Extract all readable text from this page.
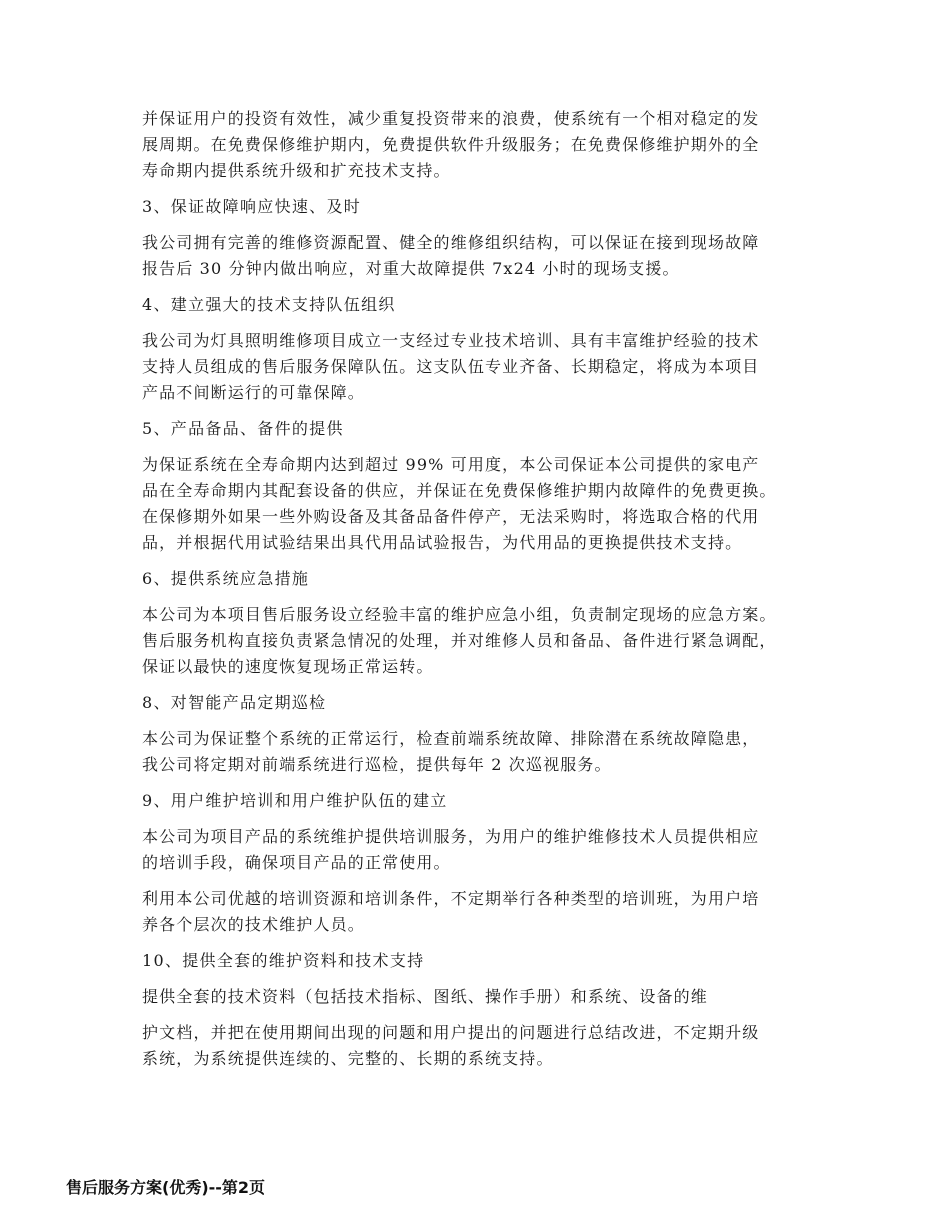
并保证用户的投资有效性，减少重复投资带来的浪费，使系统有一个相对稳定的发
展周期。在免费保修维护期内，免费提供软件升级服务；在免费保修维护期外的全
寿命期内提供系统升级和扩充技术支持。
3、保证故障响应快速、及时
我公司拥有完善的维修资源配置、健全的维修组织结构，可以保证在接到现场故障
报告后 30 分钟内做出响应，对重大故障提供 7x24 小时的现场支援。
4、建立强大的技术支持队伍组织
我公司为灯具照明维修项目成立一支经过专业技术培训、具有丰富维护经验的技术
支持人员组成的售后服务保障队伍。这支队伍专业齐备、长期稳定，将成为本项目
产品不间断运行的可靠保障。
5、产品备品、备件的提供
为保证系统在全寿命期内达到超过 99% 可用度，本公司保证本公司提供的家电产
品在全寿命期内其配套设备的供应，并保证在免费保修维护期内故障件的免费更换。
在保修期外如果一些外购设备及其备品备件停产，无法采购时，将选取合格的代用
品，并根据代用试验结果出具代用品试验报告，为代用品的更换提供技术支持。
6、提供系统应急措施
本公司为本项目售后服务设立经验丰富的维护应急小组，负责制定现场的应急方案。
售后服务机构直接负责紧急情况的处理，并对维修人员和备品、备件进行紧急调配，
保证以最快的速度恢复现场正常运转。
8、对智能产品定期巡检
本公司为保证整个系统的正常运行，检查前端系统故障、排除潜在系统故障隐患，
我公司将定期对前端系统进行巡检，提供每年 2 次巡视服务。
9、用户维护培训和用户维护队伍的建立
本公司为项目产品的系统维护提供培训服务，为用户的维护维修技术人员提供相应
的培训手段，确保项目产品的正常使用。
利用本公司优越的培训资源和培训条件，不定期举行各种类型的培训班，为用户培
养各个层次的技术维护人员。
10、提供全套的维护资料和技术支持
提供全套的技术资料（包括技术指标、图纸、操作手册）和系统、设备的维
护文档，并把在使用期间出现的问题和用户提出的问题进行总结改进，不定期升级
系统，为系统提供连续的、完整的、长期的系统支持。
售后服务方案(优秀)--第2页
